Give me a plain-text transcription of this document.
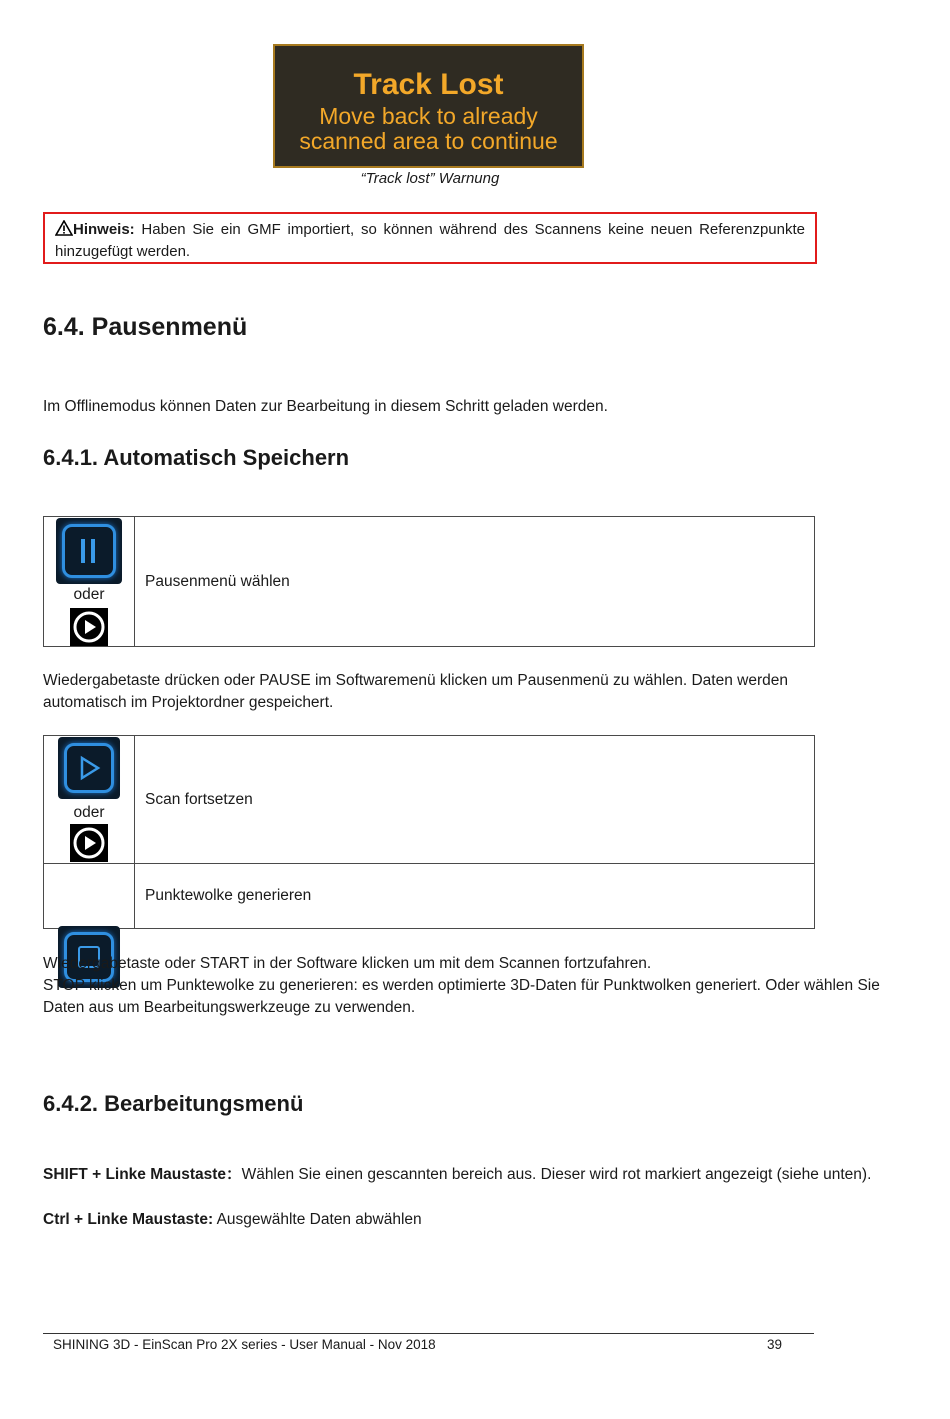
Track Lost
Move back to already
scanned area to continue
“Track lost” Warnung
Hinweis: Haben Sie ein GMF importiert, so können während des Scannens keine neuen Referenzpunkte hinzugefügt werden.
6.4. Pausenmenü

Im Offlinemodus können Daten zur Bearbeitung in diesem Schritt geladen werden.

6.4.1. Automatisch Speichern
oder
Pausenmenü wählen

Wiedergabetaste drücken oder PAUSE im Softwaremenü klicken um Pausenmenü zu wählen. Daten werden automatisch im Projektordner gespeichert.

oder
Scan fortsetzen
Punktewolke generieren

Wiedergabetaste oder START in der Software klicken um mit dem Scannen fortzufahren.

STOP klicken um Punktewolke zu generieren: es werden optimierte 3D-Daten für Punktwolken generiert. Oder wählen Sie Daten aus um Bearbeitungswerkzeuge zu verwenden.

6.4.2. Bearbeitungsmenü

SHIFT + Linke Maustaste：Wählen Sie einen gescannten bereich aus. Dieser wird rot markiert angezeigt (siehe unten).

Ctrl + Linke Maustaste: Ausgewählte Daten abwählen

SHINING 3D - EinScan Pro 2X series - User Manual - Nov 2018	39
